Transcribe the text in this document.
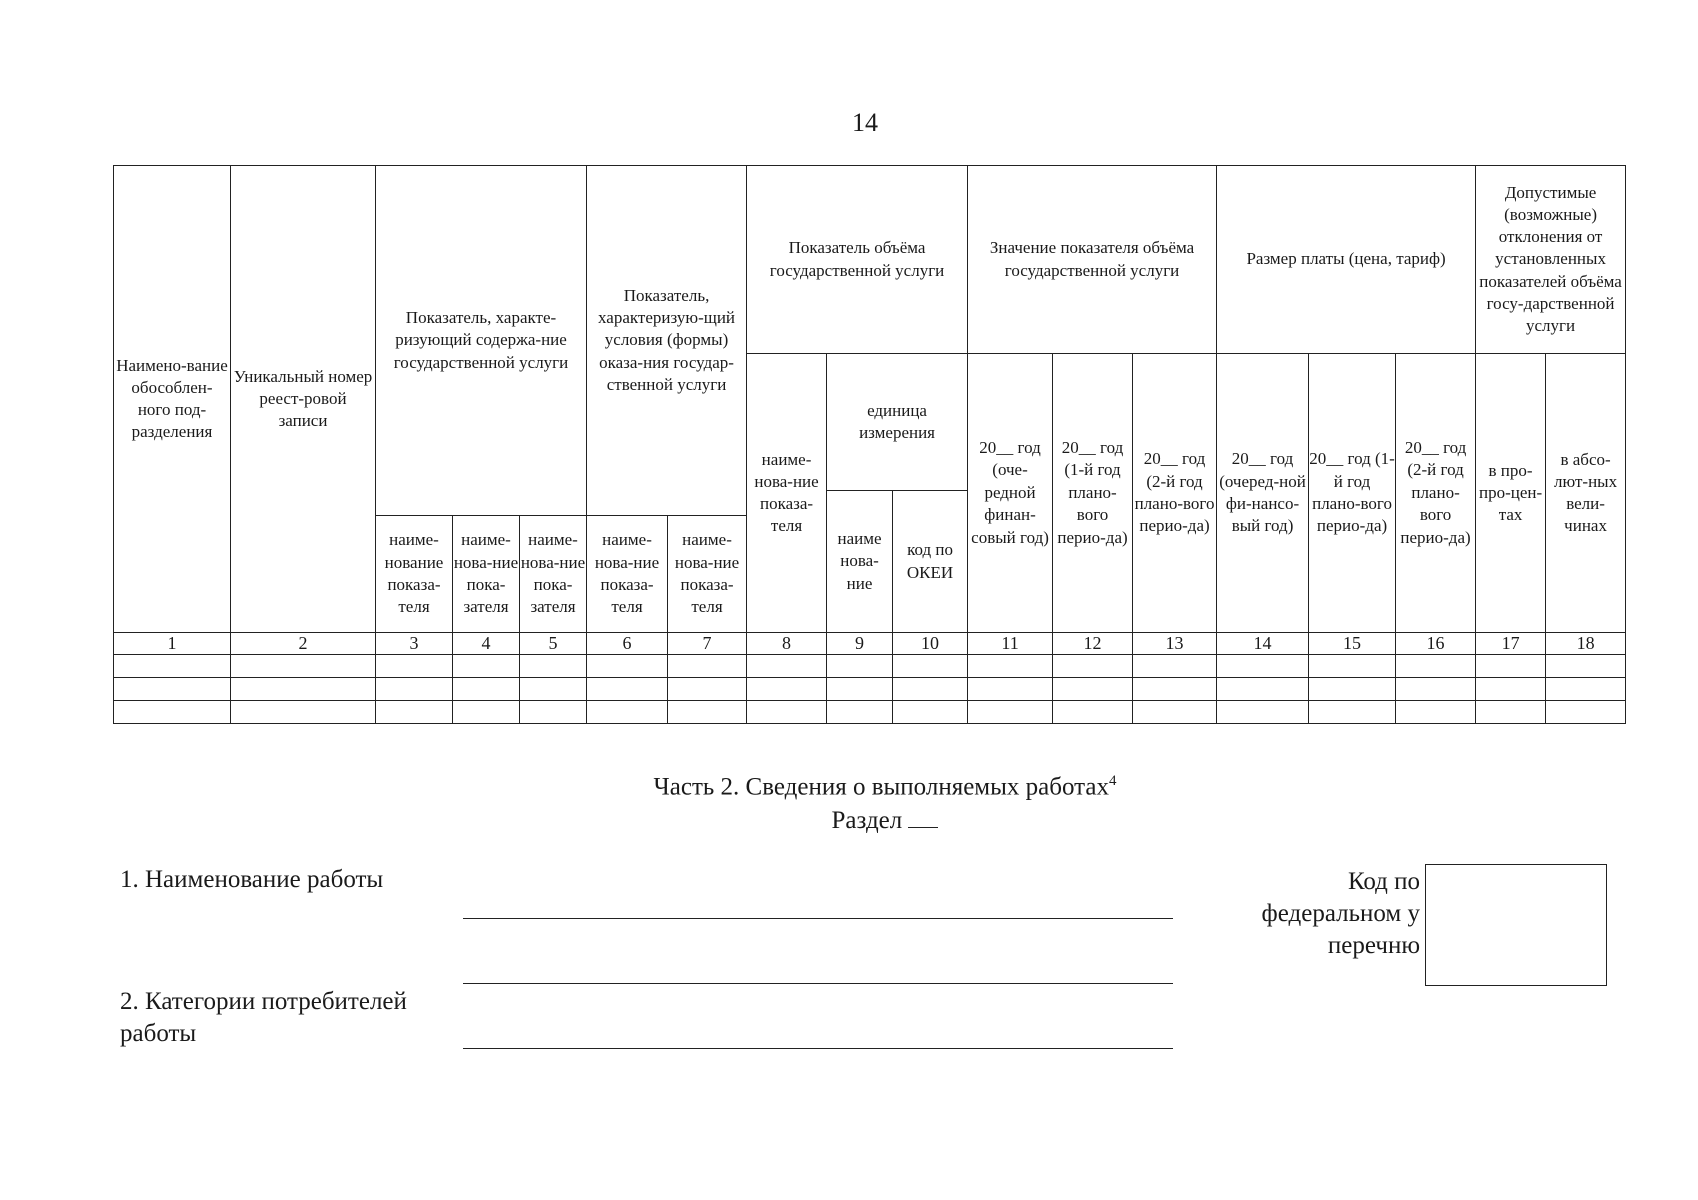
14
Наимено-вание обособлен-ного под-разделения	Уникальный номер реест-ровой записи	Показатель, характе-ризующий содержа-ние государственной услуги			Показатель, характеризую-щий условия (формы) оказа-ния государ-ственной услуги		Показатель объёма государственной услуги			Значение показателя объёма государственной услуги			Размер платы (цена, тариф)			Допустимые (возможные) отклонения от установленных показателей объёма госу-дарственной услуги	
							наиме-нова-ние показа-теля	единица измерения		20__ год (оче-редной финан-совый год)	20__ год (1-й год плано-вого перио-да)	20__ год (2-й год плано-вого перио-да)	20__ год (очеред-ной фи-нансо-вый год)	20__ год (1-й год плано-вого перио-да)	20__ год (2-й год плано-вого перио-да)	в про-про-цен-тах	в абсо-лют-ных вели-чинах
								наиме нова-ние	код по ОКЕИ								
		наиме-нование показа-теля	наиме-нова-ние пока-зателя	наиме-нова-ние пока-зателя	наиме-нова-ние показа-теля	наиме-нова-ние показа-теля											
1	2	3	4	5	6	7	8	9	10	11	12	13	14	15	16	17	18

Часть 2. Сведения о выполняемых работах$^4$
Раздел
1. Наименование работы
2. Категории потребителей работы
Код по федеральном у перечню
